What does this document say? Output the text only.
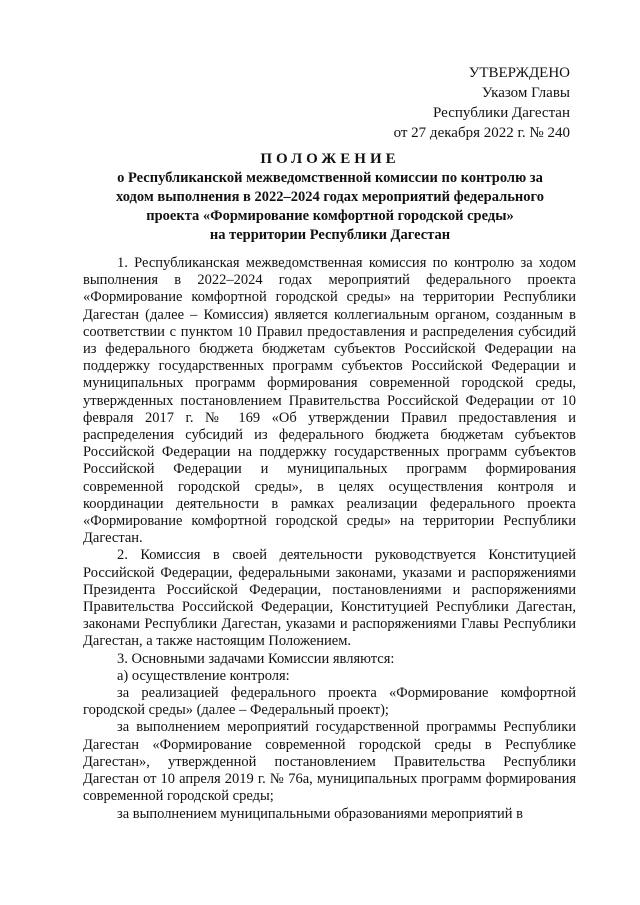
УТВЕРЖДЕНО
Указом Главы
Республики Дагестан
от 27 декабря 2022 г. № 240
ПОЛОЖЕНИЕ
о Республиканской межведомственной комиссии по контролю за
ходом выполнения в 2022–2024 годах мероприятий федерального
проекта «Формирование комфортной городской среды»
на территории Республики Дагестан

1. Республиканская межведомственная комиссия по контролю за ходом выполнения в 2022–2024 годах мероприятий федерального проекта «Формирование комфортной городской среды» на территории Республики Дагестан (далее – Комиссия) является коллегиальным органом, созданным в соответствии с пунктом 10 Правил предоставления и распределения субсидий из федерального бюджета бюджетам субъектов Российской Федерации на поддержку государственных программ субъектов Российской Федерации и муниципальных программ формирования современной городской среды, утвержденных постановлением Правительства Российской Федерации от 10 февраля 2017 г. № 169 «Об утверждении Правил предоставления и распределения субсидий из федерального бюджета бюджетам субъектов Российской Федерации на поддержку государственных программ субъектов Российской Федерации и муниципальных программ формирования современной городской среды», в целях осуществления контроля и координации деятельности в рамках реализации федерального проекта «Формирование комфортной городской среды» на территории Республики Дагестан.

2. Комиссия в своей деятельности руководствуется Конституцией Российской Федерации, федеральными законами, указами и распоряжениями Президента Российской Федерации, постановлениями и распоряжениями Правительства Российской Федерации, Конституцией Республики Дагестан, законами Республики Дагестан, указами и распоряжениями Главы Республики Дагестан, а также настоящим Положением.

3. Основными задачами Комиссии являются:

а) осуществление контроля:

за реализацией федерального проекта «Формирование комфортной городской среды» (далее – Федеральный проект);

за выполнением мероприятий государственной программы Республики Дагестан «Формирование современной городской среды в Республике Дагестан», утвержденной постановлением Правительства Республики Дагестан от 10 апреля 2019 г. № 76а, муниципальных программ формирования современной городской среды;

за выполнением муниципальными образованиями мероприятий в
